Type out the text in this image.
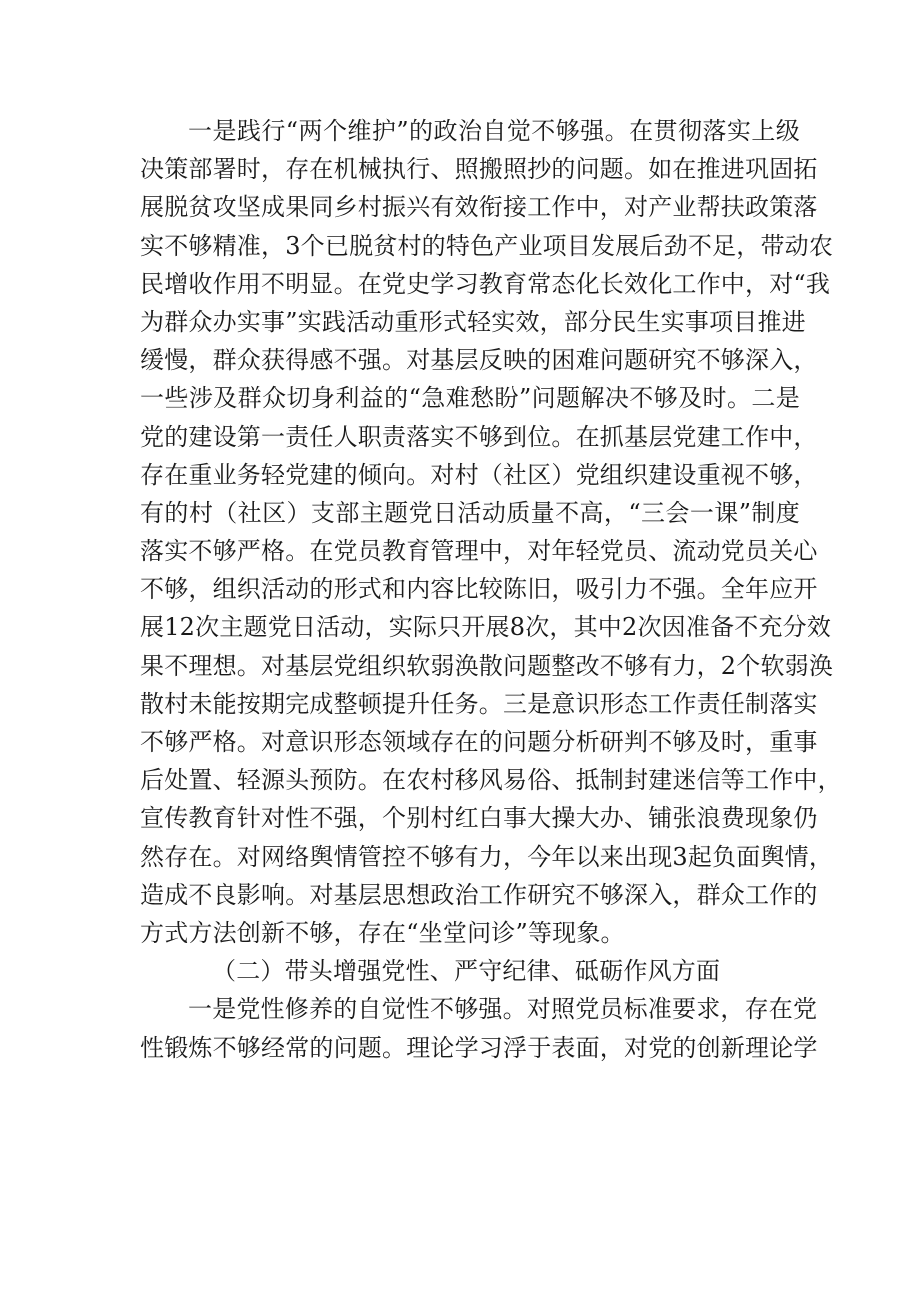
一是践行“两个维护”的政治自觉不够强。在贯彻落实上级
决策部署时，存在机械执行、照搬照抄的问题。如在推进巩固拓
展脱贫攻坚成果同乡村振兴有效衔接工作中，对产业帮扶政策落
实不够精准，3个已脱贫村的特色产业项目发展后劲不足，带动农
民增收作用不明显。在党史学习教育常态化长效化工作中，对“我
为群众办实事”实践活动重形式轻实效，部分民生实事项目推进
缓慢，群众获得感不强。对基层反映的困难问题研究不够深入，
一些涉及群众切身利益的“急难愁盼”问题解决不够及时。二是
党的建设第一责任人职责落实不够到位。在抓基层党建工作中，
存在重业务轻党建的倾向。对村（社区）党组织建设重视不够，
有的村（社区）支部主题党日活动质量不高，“三会一课”制度
落实不够严格。在党员教育管理中，对年轻党员、流动党员关心
不够，组织活动的形式和内容比较陈旧，吸引力不强。全年应开
展12次主题党日活动，实际只开展8次，其中2次因准备不充分效
果不理想。对基层党组织软弱涣散问题整改不够有力，2个软弱涣
散村未能按期完成整顿提升任务。三是意识形态工作责任制落实
不够严格。对意识形态领域存在的问题分析研判不够及时，重事
后处置、轻源头预防。在农村移风易俗、抵制封建迷信等工作中，
宣传教育针对性不强，个别村红白事大操大办、铺张浪费现象仍
然存在。对网络舆情管控不够有力，今年以来出现3起负面舆情，
造成不良影响。对基层思想政治工作研究不够深入，群众工作的
方式方法创新不够，存在“坐堂问诊”等现象。
（二）带头增强党性、严守纪律、砥砺作风方面
一是党性修养的自觉性不够强。对照党员标准要求，存在党
性锻炼不够经常的问题。理论学习浮于表面，对党的创新理论学
